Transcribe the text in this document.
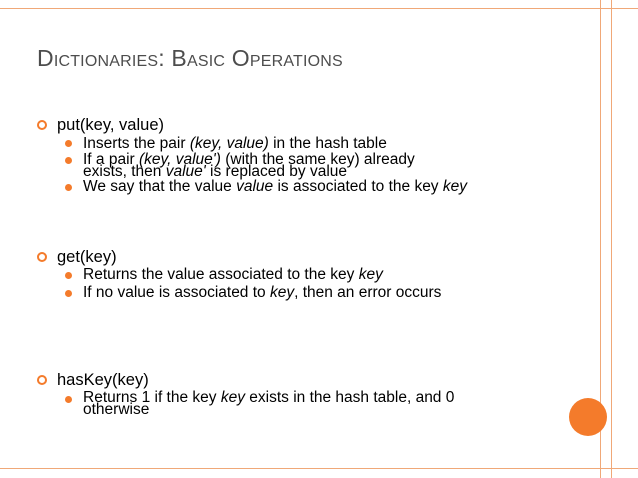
DICTIONARIES: BASIC OPERATIONS
put(key, value)
Inserts the pair (key, value) in the hash table
If a pair (key, value') (with the same key) already
exists, then value' is replaced by value
We say that the value value is associated to the key key
get(key)
Returns the value associated to the key key
If no value is associated to key, then an error occurs
hasKey(key)
Returns 1 if the key key exists in the hash table, and 0
otherwise
